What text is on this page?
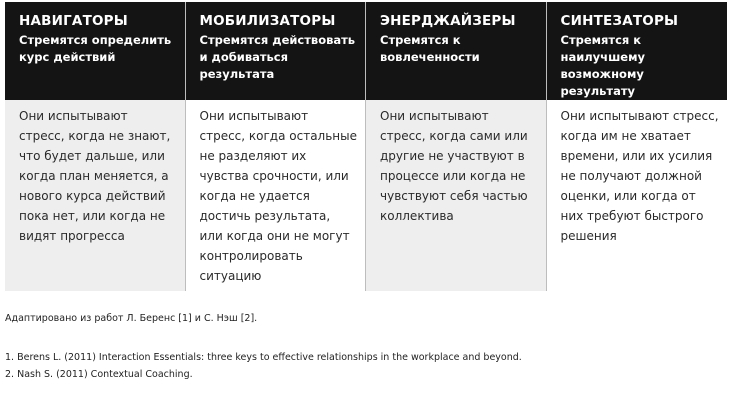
НАВИГАТОРЫ
Стремятся определить курс действий
Они испытывают стресс, когда не знают, что будет дальше, или когда план меняется, а нового курса действий пока нет, или когда не видят прогресса
МОБИЛИЗАТОРЫ
Стремятся действовать и добиваться результата
Они испытывают стресс, когда остальные не разделяют их чувства срочности, или когда не удается достичь результата, или когда они не могут контролировать ситуацию
ЭНЕРДЖАЙЗЕРЫ
Стремятся к вовлеченности
Они испытывают стресс, когда сами или другие не участвуют в процессе или когда не чувствуют себя частью коллектива
СИНТЕЗАТОРЫ
Стремятся к наилучшему возможному результату
Они испытывают стресс, когда им не хватает времени, или их усилия не получают должной оценки, или когда от них требуют быстрого решения
Адаптировано из работ Л. Беренс [1] и С. Нэш [2].
1. Berens L. (2011) Interaction Essentials: three keys to effective relationships in the workplace and beyond.
2. Nash S. (2011) Contextual Coaching.
